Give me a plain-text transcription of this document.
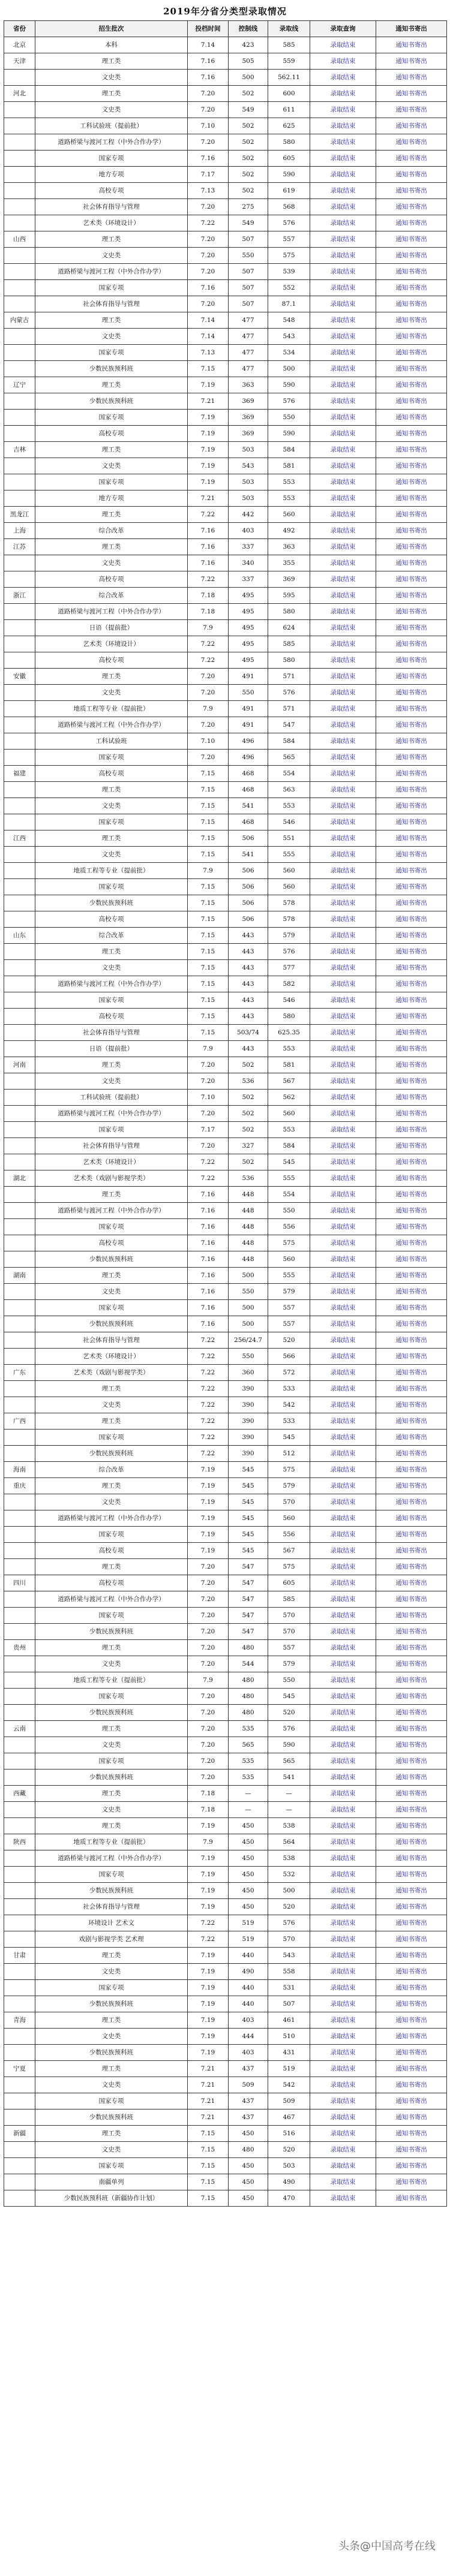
2019年分省分类型录取情况
省份	招生批次	投档时间	控制线	录取线	录取查询	通知书寄出
北京	本科	7.14	423	585	录取结束	通知书寄出
天津	理工类	7.16	505	559	录取结束	通知书寄出
	文史类	7.16	500	562.11	录取结束	通知书寄出
河北	理工类	7.20	502	600	录取结束	通知书寄出
	文史类	7.20	549	611	录取结束	通知书寄出
	工科试验班（提前批）	7.10	502	625	录取结束	通知书寄出
	道路桥梁与渡河工程（中外合作办学）	7.20	502	580	录取结束	通知书寄出
	国家专项	7.16	502	605	录取结束	通知书寄出
	地方专项	7.17	502	590	录取结束	通知书寄出
	高校专项	7.13	502	619	录取结束	通知书寄出
	社会体育指导与管理	7.20	275	568	录取结束	通知书寄出
	艺术类（环境设计）	7.22	549	576	录取结束	通知书寄出
山西	理工类	7.20	507	557	录取结束	通知书寄出
	文史类	7.20	550	575	录取结束	通知书寄出
	道路桥梁与渡河工程（中外合作办学）	7.20	507	539	录取结束	通知书寄出
	国家专项	7.16	507	552	录取结束	通知书寄出
	社会体育指导与管理	7.20	507	87.1	录取结束	通知书寄出
内蒙古	理工类	7.14	477	548	录取结束	通知书寄出
	文史类	7.14	477	543	录取结束	通知书寄出
	国家专项	7.13	477	534	录取结束	通知书寄出
	少数民族预科班	7.15	477	500	录取结束	通知书寄出
辽宁	理工类	7.19	363	590	录取结束	通知书寄出
	少数民族预科班	7.21	369	576	录取结束	通知书寄出
	国家专项	7.19	369	550	录取结束	通知书寄出
	高校专项	7.19	369	590	录取结束	通知书寄出
吉林	理工类	7.19	503	584	录取结束	通知书寄出
	文史类	7.19	543	581	录取结束	通知书寄出
	国家专项	7.19	503	553	录取结束	通知书寄出
	地方专项	7.21	503	553	录取结束	通知书寄出
黑龙江	理工类	7.22	442	560	录取结束	通知书寄出
上海	综合改革	7.16	403	492	录取结束	通知书寄出
江苏	理工类	7.16	337	363	录取结束	通知书寄出
	文史类	7.16	340	355	录取结束	通知书寄出
	高校专项	7.22	337	369	录取结束	通知书寄出
浙江	综合改革	7.18	495	595	录取结束	通知书寄出
	道路桥梁与渡河工程（中外合作办学）	7.18	495	580	录取结束	通知书寄出
	日语（提前批）	7.9	495	624	录取结束	通知书寄出
	艺术类（环境设计）	7.22	495	585	录取结束	通知书寄出
	高校专项	7.22	495	580	录取结束	通知书寄出
安徽	理工类	7.20	491	571	录取结束	通知书寄出
	文史类	7.20	550	576	录取结束	通知书寄出
	地质工程等专业（提前批）	7.9	491	571	录取结束	通知书寄出
	道路桥梁与渡河工程（中外合作办学）	7.20	491	547	录取结束	通知书寄出
	工科试验班	7.10	496	584	录取结束	通知书寄出
	国家专项	7.20	496	565	录取结束	通知书寄出
福建	高校专项	7.15	468	554	录取结束	通知书寄出
	理工类	7.15	468	563	录取结束	通知书寄出
	文史类	7.15	541	553	录取结束	通知书寄出
	国家专项	7.15	468	546	录取结束	通知书寄出
江西	理工类	7.15	506	551	录取结束	通知书寄出
	文史类	7.15	541	555	录取结束	通知书寄出
	地质工程等专业（提前批）	7.9	506	560	录取结束	通知书寄出
	国家专项	7.15	506	560	录取结束	通知书寄出
	少数民族预科班	7.15	506	578	录取结束	通知书寄出
	高校专项	7.15	506	578	录取结束	通知书寄出
山东	综合改革	7.15	443	579	录取结束	通知书寄出
	理工类	7.15	443	576	录取结束	通知书寄出
	文史类	7.15	443	577	录取结束	通知书寄出
	道路桥梁与渡河工程（中外合作办学）	7.15	443	582	录取结束	通知书寄出
	国家专项	7.15	443	546	录取结束	通知书寄出
	高校专项	7.15	443	580	录取结束	通知书寄出
	社会体育指导与管理	7.15	503/74	625.35	录取结束	通知书寄出
	日语（提前批）	7.9	443	553	录取结束	通知书寄出
河南	理工类	7.20	502	581	录取结束	通知书寄出
	文史类	7.20	536	567	录取结束	通知书寄出
	工科试验班（提前批）	7.10	502	562	录取结束	通知书寄出
	道路桥梁与渡河工程（中外合作办学）	7.20	502	560	录取结束	通知书寄出
	国家专项	7.17	502	553	录取结束	通知书寄出
	社会体育指导与管理	7.20	327	584	录取结束	通知书寄出
	艺术类（环境设计）	7.22	502	545	录取结束	通知书寄出
湖北	艺术类（戏剧与影视学类）	7.22	536	555	录取结束	通知书寄出
	理工类	7.16	448	554	录取结束	通知书寄出
	道路桥梁与渡河工程（中外合作办学）	7.16	448	550	录取结束	通知书寄出
	国家专项	7.16	448	556	录取结束	通知书寄出
	高校专项	7.16	448	575	录取结束	通知书寄出
	少数民族预科班	7.16	448	560	录取结束	通知书寄出
湖南	理工类	7.16	500	555	录取结束	通知书寄出
	文史类	7.16	550	579	录取结束	通知书寄出
	国家专项	7.16	500	557	录取结束	通知书寄出
	少数民族预科班	7.16	500	557	录取结束	通知书寄出
	社会体育指导与管理	7.22	256/24.7	520	录取结束	通知书寄出
	艺术类（环境设计）	7.22	550	566	录取结束	通知书寄出
广东	艺术类（戏剧与影视学类）	7.22	360	572	录取结束	通知书寄出
	理工类	7.22	390	533	录取结束	通知书寄出
	文史类	7.22	390	542	录取结束	通知书寄出
广西	理工类	7.22	390	533	录取结束	通知书寄出
	国家专项	7.22	390	545	录取结束	通知书寄出
	少数民族预科班	7.22	390	512	录取结束	通知书寄出
海南	综合改革	7.19	545	575	录取结束	通知书寄出
重庆	理工类	7.19	545	579	录取结束	通知书寄出
	文史类	7.19	545	570	录取结束	通知书寄出
	道路桥梁与渡河工程（中外合作办学）	7.19	545	560	录取结束	通知书寄出
	国家专项	7.19	545	556	录取结束	通知书寄出
	高校专项	7.19	545	567	录取结束	通知书寄出
	理工类	7.20	547	575	录取结束	通知书寄出
四川	高校专项	7.20	547	605	录取结束	通知书寄出
	道路桥梁与渡河工程（中外合作办学）	7.20	547	585	录取结束	通知书寄出
	国家专项	7.20	547	570	录取结束	通知书寄出
	少数民族预科班	7.20	547	570	录取结束	通知书寄出
贵州	理工类	7.20	480	557	录取结束	通知书寄出
	文史类	7.20	544	579	录取结束	通知书寄出
	地质工程等专业（提前批）	7.9	480	550	录取结束	通知书寄出
	国家专项	7.20	480	545	录取结束	通知书寄出
	少数民族预科班	7.20	480	520	录取结束	通知书寄出
云南	理工类	7.20	535	576	录取结束	通知书寄出
	文史类	7.20	565	590	录取结束	通知书寄出
	国家专项	7.20	535	565	录取结束	通知书寄出
	少数民族预科班	7.20	535	541	录取结束	通知书寄出
西藏	理工类	7.18	—	—	录取结束	通知书寄出
	文史类	7.18	—	—	录取结束	通知书寄出
	理工类	7.19	450	538	录取结束	通知书寄出
陕西	地质工程等专业（提前批）	7.9	450	564	录取结束	通知书寄出
	道路桥梁与渡河工程（中外合作办学）	7.19	450	538	录取结束	通知书寄出
	国家专项	7.19	450	532	录取结束	通知书寄出
	少数民族预科班	7.19	450	500	录取结束	通知书寄出
	社会体育指导与管理	7.19	450	520	录取结束	通知书寄出
	环境设计 艺术文	7.22	519	576	录取结束	通知书寄出
	戏剧与影视学类 艺术理	7.22	519	570	录取结束	通知书寄出
甘肃	理工类	7.19	440	543	录取结束	通知书寄出
	文史类	7.19	490	558	录取结束	通知书寄出
	国家专项	7.19	440	531	录取结束	通知书寄出
	少数民族预科班	7.19	440	507	录取结束	通知书寄出
青海	理工类	7.19	403	461	录取结束	通知书寄出
	文史类	7.19	444	510	录取结束	通知书寄出
	少数民族预科班	7.19	403	431	录取结束	通知书寄出
宁夏	理工类	7.21	437	519	录取结束	通知书寄出
	文史类	7.21	509	542	录取结束	通知书寄出
	国家专项	7.21	437	509	录取结束	通知书寄出
	少数民族预科班	7.21	437	467	录取结束	通知书寄出
新疆	理工类	7.15	450	516	录取结束	通知书寄出
	文史类	7.15	480	520	录取结束	通知书寄出
	国家专项	7.15	450	503	录取结束	通知书寄出
	南疆单列	7.15	450	490	录取结束	通知书寄出
	少数民族预科班（新疆协作计划）	7.15	450	470	录取结束	通知书寄出
头条@中国高考在线
